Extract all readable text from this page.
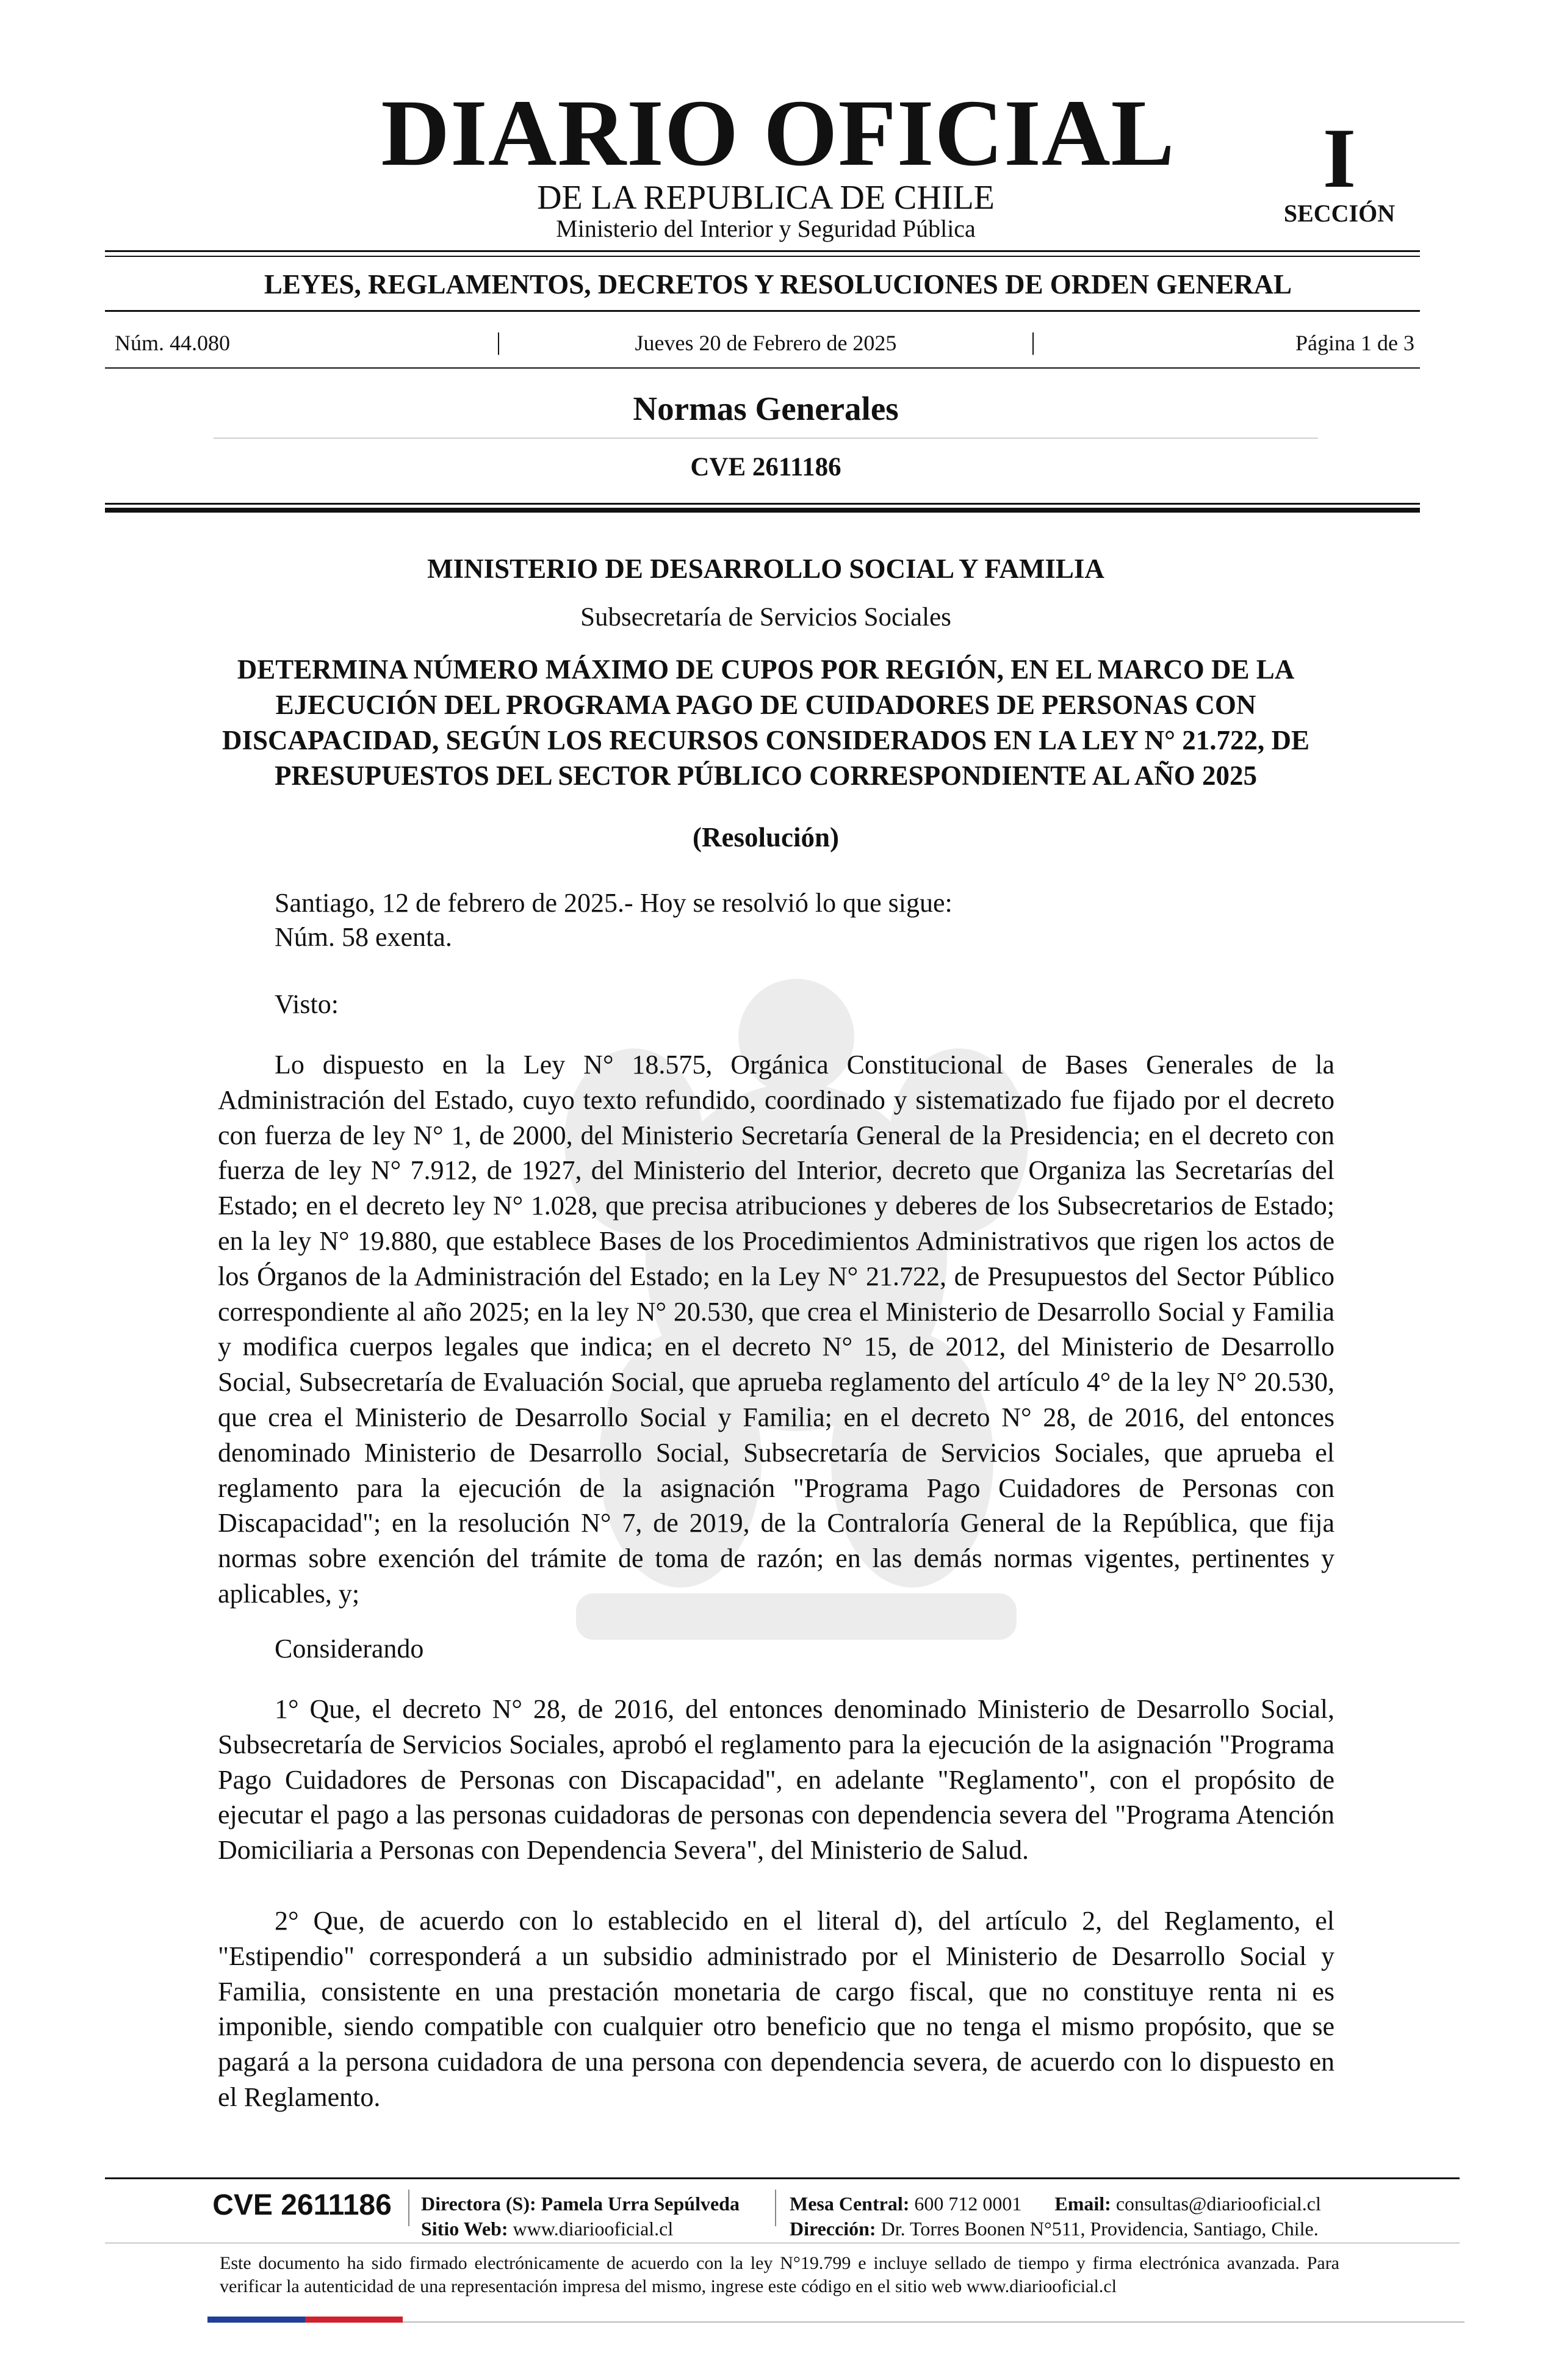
DIARIO OFICIAL
DE LA REPUBLICA DE CHILE
Ministerio del Interior y Seguridad Pública
I
SECCIÓN
LEYES, REGLAMENTOS, DECRETOS Y RESOLUCIONES DE ORDEN GENERAL
Núm. 44.080	|	Jueves 20 de Febrero de 2025	|	Página 1 de 3
Normas Generales
CVE 2611186
MINISTERIO DE DESARROLLO SOCIAL Y FAMILIA
Subsecretaría de Servicios Sociales
DETERMINA NÚMERO MÁXIMO DE CUPOS POR REGIÓN, EN EL MARCO DE LA EJECUCIÓN DEL PROGRAMA PAGO DE CUIDADORES DE PERSONAS CON DISCAPACIDAD, SEGÚN LOS RECURSOS CONSIDERADOS EN LA LEY N° 21.722, DE PRESUPUESTOS DEL SECTOR PÚBLICO CORRESPONDIENTE AL AÑO 2025
(Resolución)
Santiago, 12 de febrero de 2025.- Hoy se resolvió lo que sigue:
Núm. 58 exenta.
Visto:

Lo dispuesto en la Ley N° 18.575, Orgánica Constitucional de Bases Generales de la Administración del Estado, cuyo texto refundido, coordinado y sistematizado fue fijado por el decreto con fuerza de ley N° 1, de 2000, del Ministerio Secretaría General de la Presidencia; en el decreto con fuerza de ley N° 7.912, de 1927, del Ministerio del Interior, decreto que Organiza las Secretarías del Estado; en el decreto ley N° 1.028, que precisa atribuciones y deberes de los Subsecretarios de Estado; en la ley N° 19.880, que establece Bases de los Procedimientos Administrativos que rigen los actos de los Órganos de la Administración del Estado; en la Ley N° 21.722, de Presupuestos del Sector Público correspondiente al año 2025; en la ley N° 20.530, que crea el Ministerio de Desarrollo Social y Familia y modifica cuerpos legales que indica; en el decreto N° 15, de 2012, del Ministerio de Desarrollo Social, Subsecretaría de Evaluación Social, que aprueba reglamento del artículo 4° de la ley N° 20.530, que crea el Ministerio de Desarrollo Social y Familia; en el decreto N° 28, de 2016, del entonces denominado Ministerio de Desarrollo Social, Subsecretaría de Servicios Sociales, que aprueba el reglamento para la ejecución de la asignación "Programa Pago Cuidadores de Personas con Discapacidad"; en la resolución N° 7, de 2019, de la Contraloría General de la República, que fija normas sobre exención del trámite de toma de razón; en las demás normas vigentes, pertinentes y aplicables, y;

Considerando

1° Que, el decreto N° 28, de 2016, del entonces denominado Ministerio de Desarrollo Social, Subsecretaría de Servicios Sociales, aprobó el reglamento para la ejecución de la asignación "Programa Pago Cuidadores de Personas con Discapacidad", en adelante "Reglamento", con el propósito de ejecutar el pago a las personas cuidadoras de personas con dependencia severa del "Programa Atención Domiciliaria a Personas con Dependencia Severa", del Ministerio de Salud.

2° Que, de acuerdo con lo establecido en el literal d), del artículo 2, del Reglamento, el "Estipendio" corresponderá a un subsidio administrado por el Ministerio de Desarrollo Social y Familia, consistente en una prestación monetaria de cargo fiscal, que no constituye renta ni es imponible, siendo compatible con cualquier otro beneficio que no tenga el mismo propósito, que se pagará a la persona cuidadora de una persona con dependencia severa, de acuerdo con lo dispuesto en el Reglamento.

CVE 2611186	Directora (S): Pamela Urra Sepúlveda
Sitio Web: www.diariooficial.cl
Mesa Central: 600 712 0001 Email: consultas@diariooficial.cl
Dirección: Dr. Torres Boonen N°511, Providencia, Santiago, Chile.

Este documento ha sido firmado electrónicamente de acuerdo con la ley N°19.799 e incluye sellado de tiempo y firma electrónica avanzada. Para verificar la autenticidad de una representación impresa del mismo, ingrese este código en el sitio web www.diariooficial.cl
